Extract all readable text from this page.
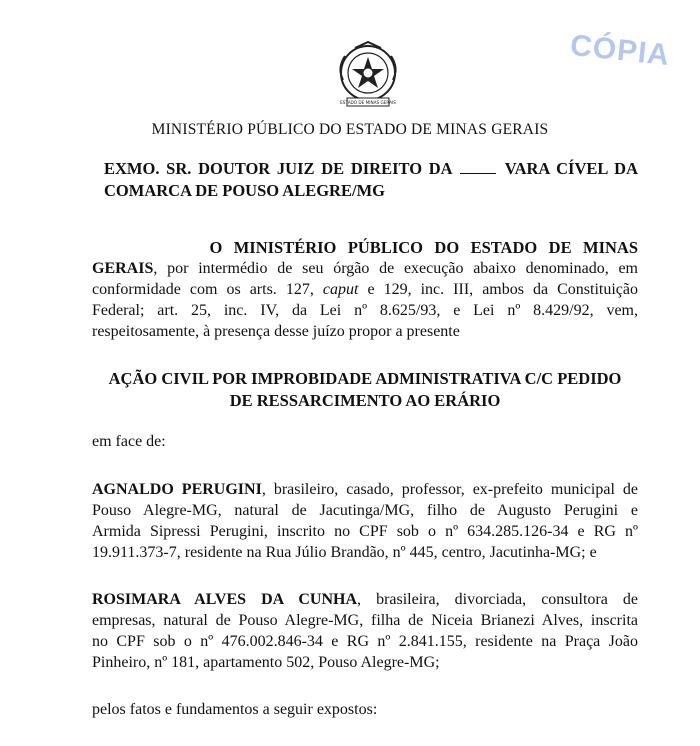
ESTADO DE MINAS GERAIS
CÓPIA
MINISTÉRIO PÚBLICO DO ESTADO DE MINAS GERAIS
EXMO. SR. DOUTOR JUIZ DE DIREITO DA	VARA CÍVEL DA
COMARCA DE POUSO ALEGRE/MG
O MINISTÉRIO PÚBLICO DO ESTADO DE MINAS
GERAIS, por intermédio de seu órgão de execução abaixo denominado, em
conformidade com os arts. 127, caput e 129, inc. III, ambos da Constituição
Federal; art. 25, inc. IV, da Lei nº 8.625/93, e Lei nº 8.429/92, vem,
respeitosamente, à presença desse juízo propor a presente
AÇÃO CIVIL POR IMPROBIDADE ADMINISTRATIVA C/C PEDIDO
DE RESSARCIMENTO AO ERÁRIO
em face de:
AGNALDO PERUGINI, brasileiro, casado, professor, ex-prefeito municipal de
Pouso Alegre-MG, natural de Jacutinga/MG, filho de Augusto Perugini e
Armida Sipressi Perugini, inscrito no CPF sob o nº 634.285.126-34 e RG nº
19.911.373-7, residente na Rua Júlio Brandão, nº 445, centro, Jacutinha-MG; e
ROSIMARA ALVES DA CUNHA, brasileira, divorciada, consultora de
empresas, natural de Pouso Alegre-MG, filha de Niceia Brianezi Alves, inscrita
no CPF sob o nº 476.002.846-34 e RG nº 2.841.155, residente na Praça João
Pinheiro, nº 181, apartamento 502, Pouso Alegre-MG;
pelos fatos e fundamentos a seguir expostos:
